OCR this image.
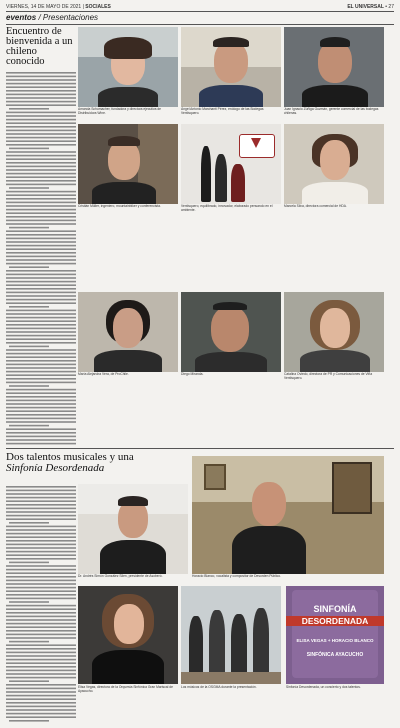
VIERNES, 14 DE MAYO DE 2021 | SOCIALES	EL UNIVERSAL • 27
eventos / Presentaciones
Encuentro de bienvenida a un chileno conocido
Amanda Schumacher, fundadora y directora ejecutiva de Distribuidora Wine.
Ángel Antonio Marchanti Pérez, enólogo de las Bodegas Ventisquero.
Juan Ignacio Zúñiga Guzmán, gerente comercial de las bodegas chilenas.
Cristián Müller, ingeniero, mountainbiker y conferencista.	Ventisquero, equilibrado, innovador, elaborado pensando en el ambiente.
Marcela Silva, directora comercial de HDA.
María Alejandra Vera, de ProChile.	Diego Miranda.	Catalina Oviedo, directora de PR y Comunicaciones de Viña Ventisquero.
Dos talentos musicales y una Sinfonía Desordenada
Dr. Andrés Simón González Silen, presidente de Asoberó.	Horacio Blanco, vocalista y compositor de Desorden Público.
Elisa Vegas, directora de la Orquesta Sinfónica Gran Mariscal de Ayacucho.
Los músicos de la OSGMA durante la presentación.
SINFONÍA
DESORDENADA
ELISA VEGAS + HORACIO BLANCO
SINFÓNICA AYACUCHO
Sinfonía Desordenada, un concierto y dos talentos.
